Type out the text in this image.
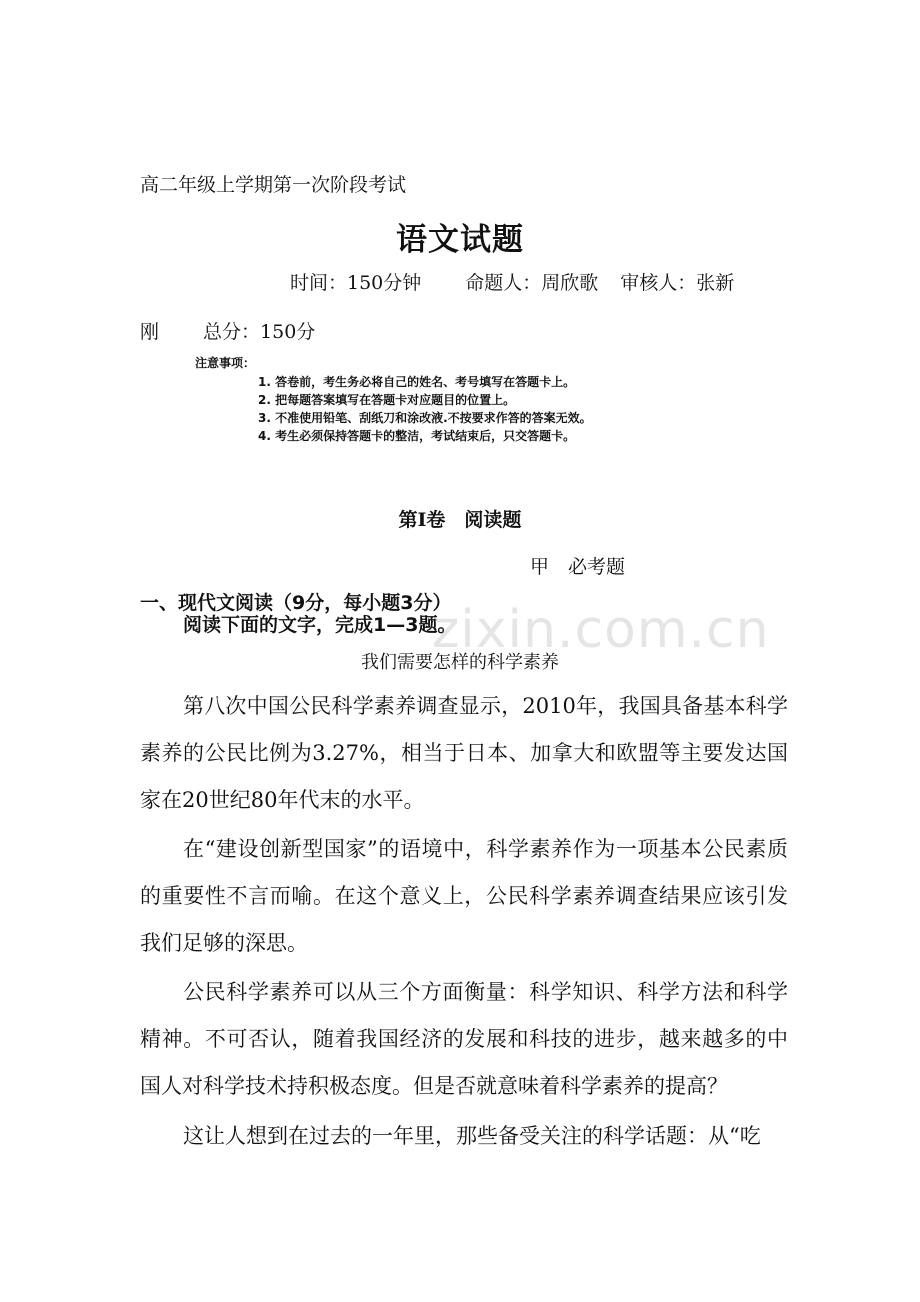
高二年级上学期第一次阶段考试
语文试题
时间：150分钟 命题人：周欣歌 审核人：张新
刚 总分：150分
注意事项：
1. 答卷前，考生务必将自己的姓名、考号填写在答题卡上。
2. 把每题答案填写在答题卡对应题目的位置上。
3. 不准使用铅笔、刮纸刀和涂改液.不按要求作答的答案无效。
4. 考生必须保持答题卡的整洁，考试结束后，只交答题卡。
第Ⅰ卷　阅读题
甲　必考题
一、现代文阅读（9分，每小题3分）
阅读下面的文字，完成1—3题。
我们需要怎样的科学素养
第八次中国公民科学素养调查显示，2010年，我国具备基本科学素养的公民比例为3.27%，相当于日本、加拿大和欧盟等主要发达国家在20世纪80年代末的水平。
在“建设创新型国家”的语境中，科学素养作为一项基本公民素质的重要性不言而喻。在这个意义上，公民科学素养调查结果应该引发我们足够的深思。
公民科学素养可以从三个方面衡量：科学知识、科学方法和科学精神。不可否认，随着我国经济的发展和科技的进步，越来越多的中国人对科学技术持积极态度。但是否就意味着科学素养的提高？
这让人想到在过去的一年里，那些备受关注的科学话题：从“吃
zixin.com.cn
